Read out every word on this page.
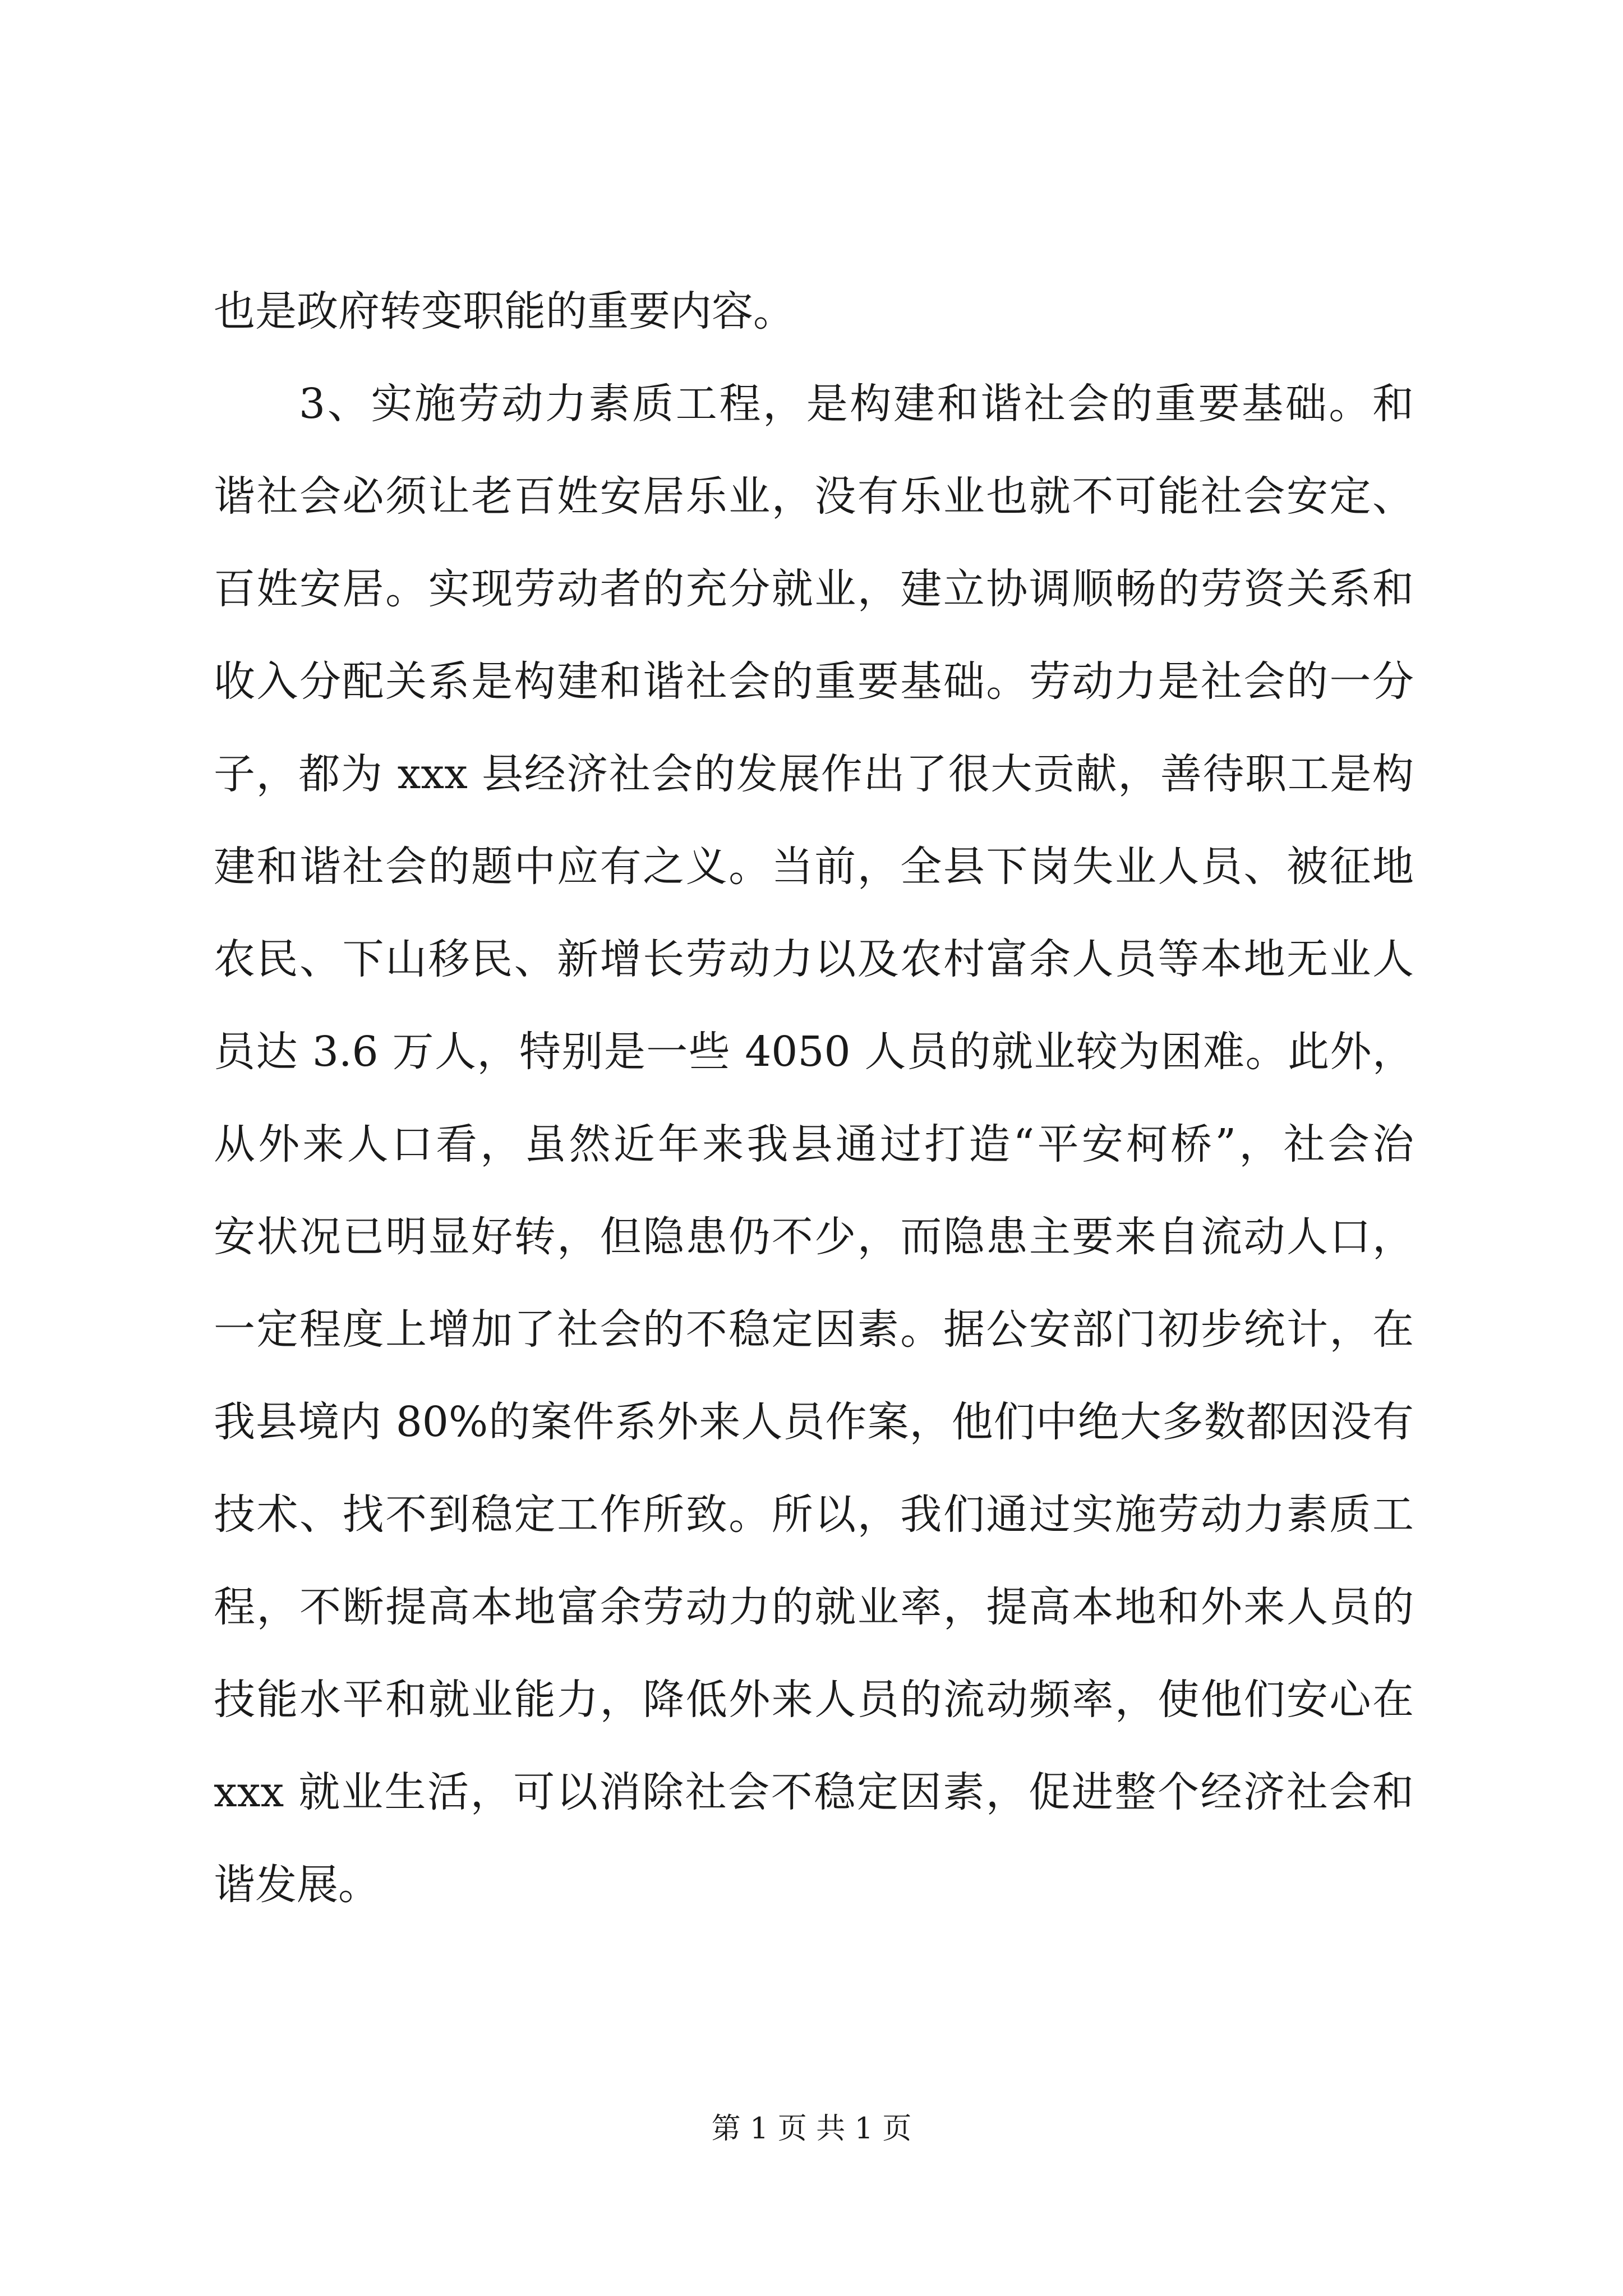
也是政府转变职能的重要内容。
3、实施劳动力素质工程，是构建和谐社会的重要基础。和
谐社会必须让老百姓安居乐业，没有乐业也就不可能社会安定、
百姓安居。实现劳动者的充分就业，建立协调顺畅的劳资关系和
收入分配关系是构建和谐社会的重要基础。劳动力是社会的一分
子，都为 xxx 县经济社会的发展作出了很大贡献，善待职工是构
建和谐社会的题中应有之义。当前，全县下岗失业人员、被征地
农民、下山移民、新增长劳动力以及农村富余人员等本地无业人
员达 3.6 万人，特别是一些 4050 人员的就业较为困难。此外，
从外来人口看，虽然近年来我县通过打造“平安柯桥”，社会治
安状况已明显好转，但隐患仍不少，而隐患主要来自流动人口，
一定程度上增加了社会的不稳定因素。据公安部门初步统计，在
我县境内 80%的案件系外来人员作案，他们中绝大多数都因没有
技术、找不到稳定工作所致。所以，我们通过实施劳动力素质工
程，不断提高本地富余劳动力的就业率，提高本地和外来人员的
技能水平和就业能力，降低外来人员的流动频率，使他们安心在
xxx 就业生活，可以消除社会不稳定因素，促进整个经济社会和
谐发展。
第 1 页 共 1 页
